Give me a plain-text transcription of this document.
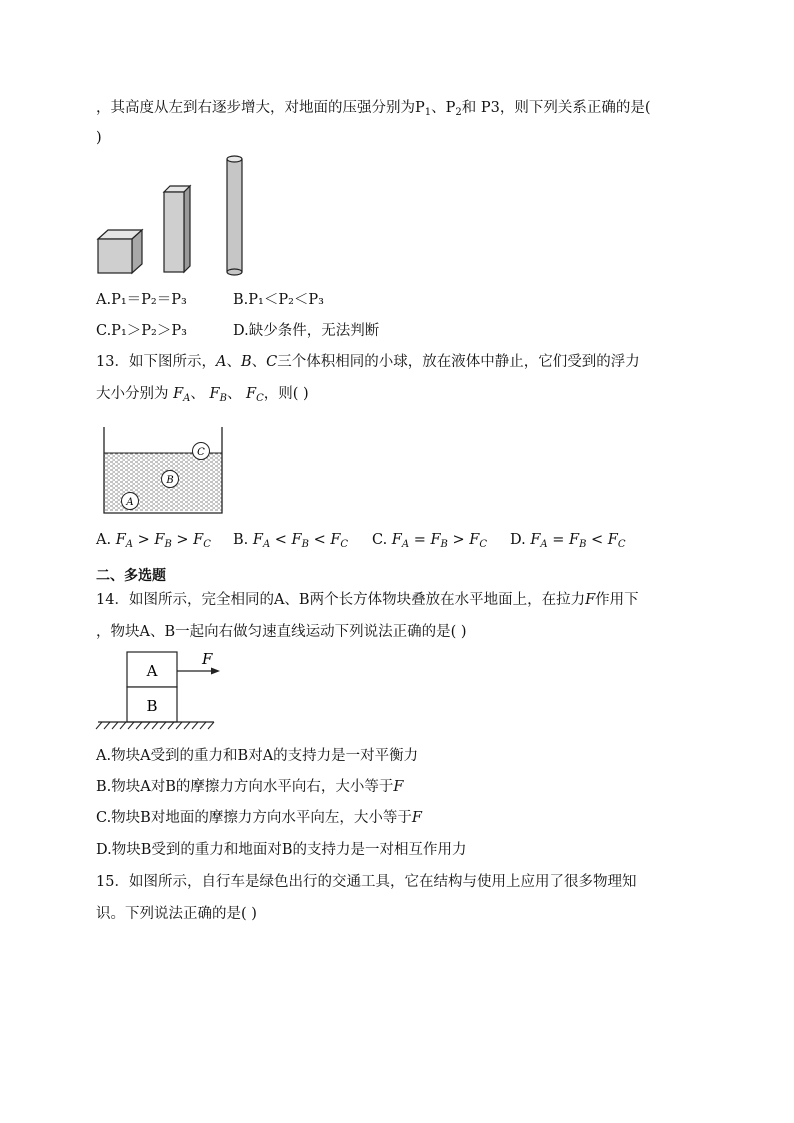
，其高度从左到右逐步增大，对地面的压强分别为$P_1$、$P_2$和 P3，则下列关系正确的是(
)
A.P₁＝P₂＝P₃	B.P₁＜P₂＜P₃
C.P₁＞P₂＞P₃	D.缺少条件，无法判断
13．如下图所示，A、B、C三个体积相同的小球，放在液体中静止，它们受到的浮力
大小分别为 $F_A$、 $F_B$、 $F_C$，则( )
C
B
A
A. $F_A > F_B > F_C$ B. $F_A < F_B < F_C$ C. $F_A = F_B > F_C$ D. $F_A = F_B < F_C$
二、多选题
14．如图所示，完全相同的A、B两个长方体物块叠放在水平地面上，在拉力F作用下
，物块A、B一起向右做匀速直线运动下列说法正确的是( )
A
B
F
A.物块A受到的重力和B对A的支持力是一对平衡力
B.物块A对B的摩擦力方向水平向右，大小等于F
C.物块B对地面的摩擦力方向水平向左，大小等于F
D.物块B受到的重力和地面对B的支持力是一对相互作用力
15．如图所示，自行车是绿色出行的交通工具，它在结构与使用上应用了很多物理知
识。下列说法正确的是( )
